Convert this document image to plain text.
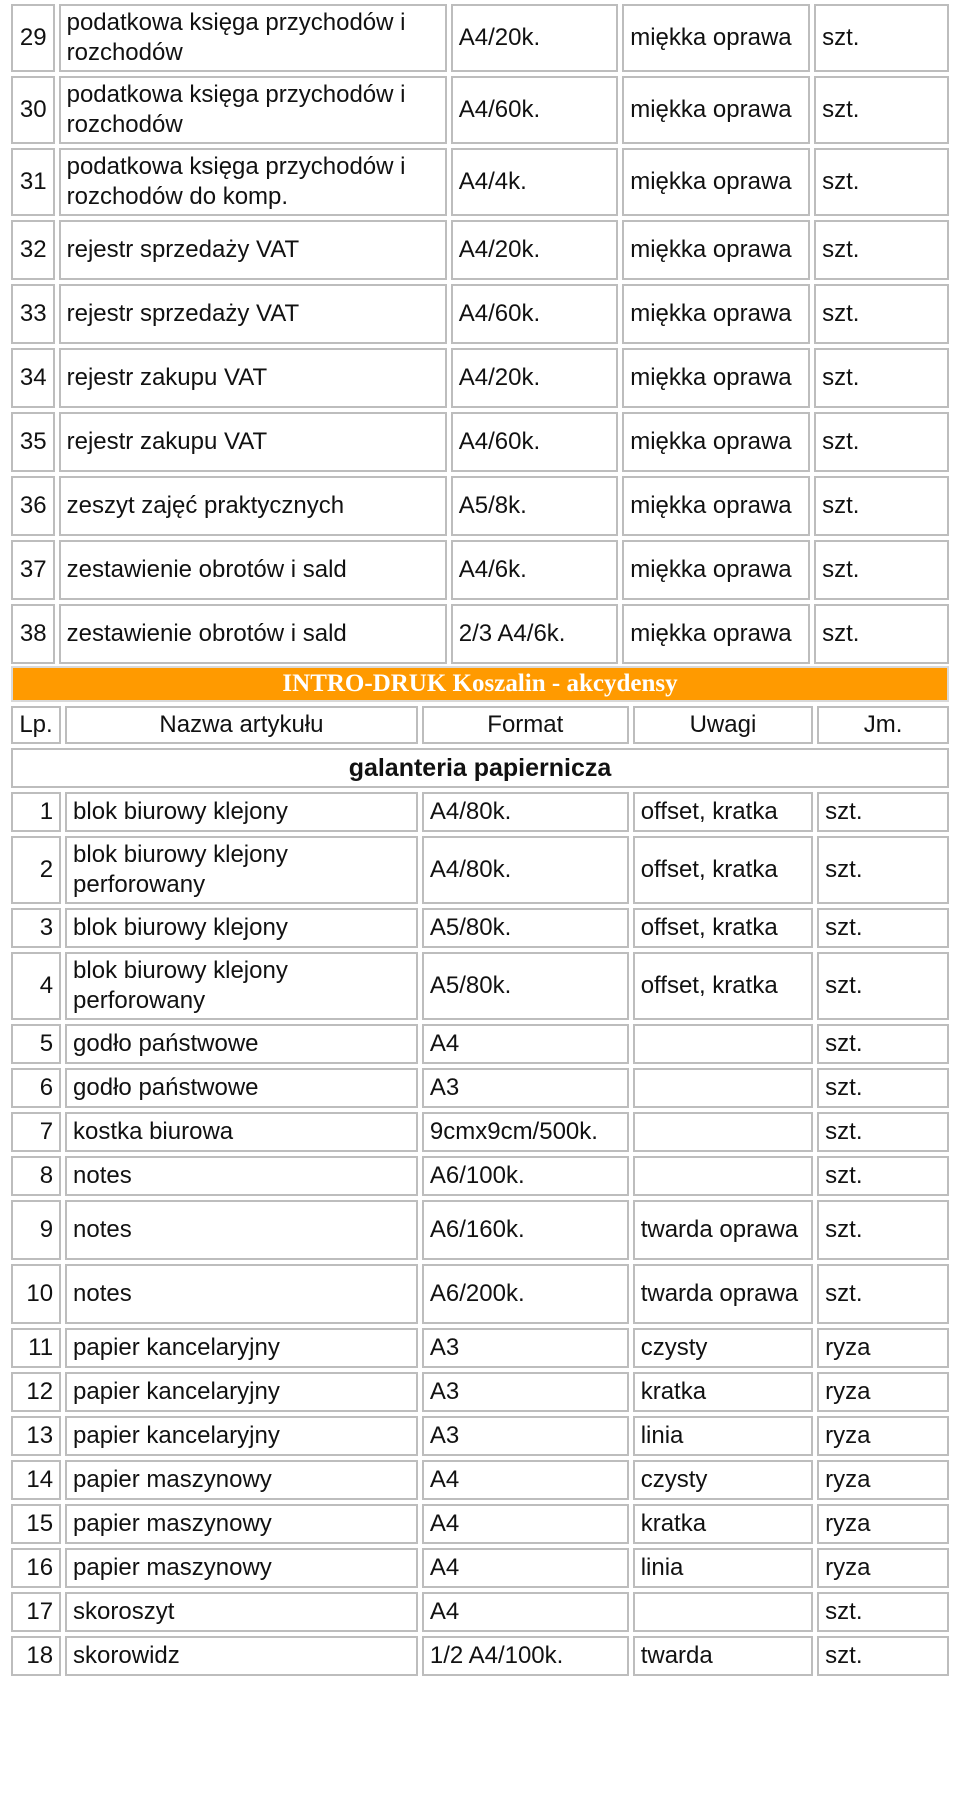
29	podatkowa księga przychodów i rozchodów	A4/20k.	miękka oprawa	szt.
30	podatkowa księga przychodów i rozchodów	A4/60k.	miękka oprawa	szt.
31	podatkowa księga przychodów i rozchodów do komp.	A4/4k.	miękka oprawa	szt.
32	rejestr sprzedaży VAT	A4/20k.	miękka oprawa	szt.
33	rejestr sprzedaży VAT	A4/60k.	miękka oprawa	szt.
34	rejestr zakupu VAT	A4/20k.	miękka oprawa	szt.
35	rejestr zakupu VAT	A4/60k.	miękka oprawa	szt.
36	zeszyt zajęć praktycznych	A5/8k.	miękka oprawa	szt.
37	zestawienie obrotów i sald	A4/6k.	miękka oprawa	szt.
38	zestawienie obrotów i sald	2/3 A4/6k.	miękka oprawa	szt.
INTRO-DRUK Koszalin - akcydensy				
Lp.	Nazwa artykułu	Format	Uwagi	Jm.
galanteria papiernicza				
1	blok biurowy klejony	A4/80k.	offset, kratka	szt.
2	blok biurowy klejony perforowany	A4/80k.	offset, kratka	szt.
3	blok biurowy klejony	A5/80k.	offset, kratka	szt.
4	blok biurowy klejony perforowany	A5/80k.	offset, kratka	szt.
5	godło państwowe	A4		szt.
6	godło państwowe	A3		szt.
7	kostka biurowa	9cmx9cm/500k.		szt.
8	notes	A6/100k.		szt.
9	notes	A6/160k.	twarda oprawa	szt.
10	notes	A6/200k.	twarda oprawa	szt.
11	papier kancelaryjny	A3	czysty	ryza
12	papier kancelaryjny	A3	kratka	ryza
13	papier kancelaryjny	A3	linia	ryza
14	papier maszynowy	A4	czysty	ryza
15	papier maszynowy	A4	kratka	ryza
16	papier maszynowy	A4	linia	ryza
17	skoroszyt	A4		szt.
18	skorowidz	1/2 A4/100k.	twarda	szt.
